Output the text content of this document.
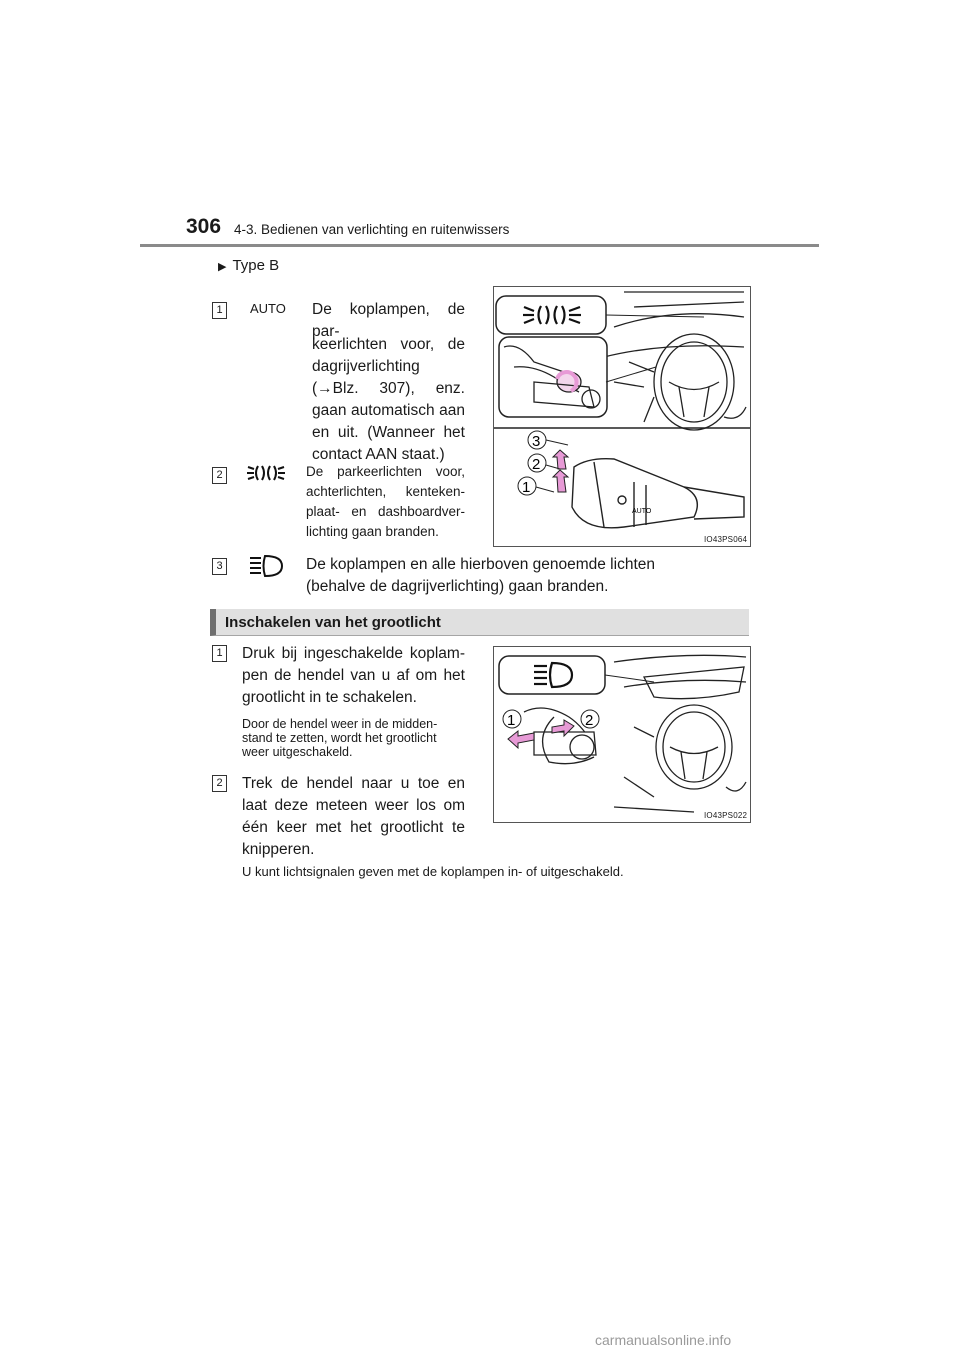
306 4-3. Bedienen van verlichting en ruitenwissers
▶ Type B
1	AUTO De koplampen, de par-
keerlichten voor, de dagrijverlichting (→Blz. 307), enz. gaan automatisch aan en uit. (Wanneer het contact AAN staat.)
2	De parkeerlichten voor, achterlichten, kenteken-plaat- en dashboardver-lichting gaan branden.
AUTO
3
2
1
IO43PS064
3	De koplampen en alle hierboven genoemde lichten
(behalve de dagrijverlichting) gaan branden.
Inschakelen van het grootlicht
1 Druk bij ingeschakelde koplam-pen de hendel van u af om het grootlicht in te schakelen.
Door de hendel weer in de midden-stand te zetten, wordt het grootlicht weer uitgeschakeld.
2 Trek de hendel naar u toe en laat deze meteen weer los om één keer met het grootlicht te knipperen.
1	2
IO43PS022
U kunt lichtsignalen geven met de koplampen in- of uitgeschakeld.
carmanualsonline.info
